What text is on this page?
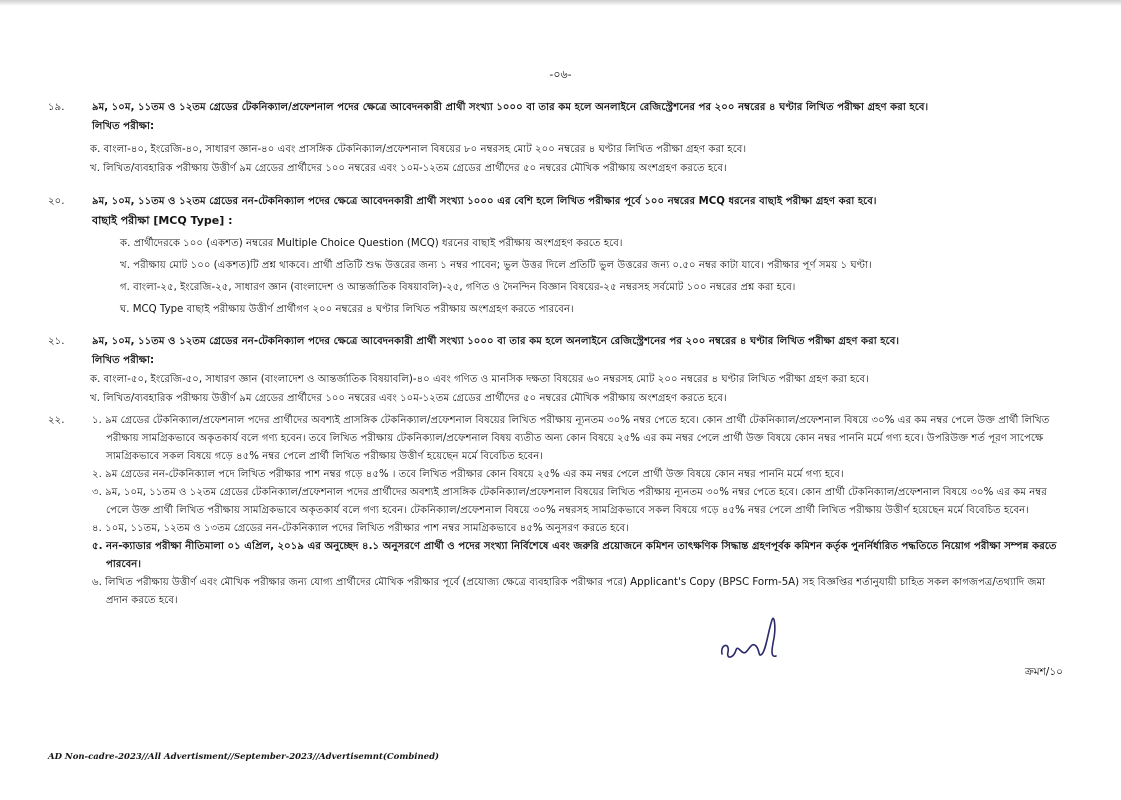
-০৬-
১৯.	৯ম, ১০ম, ১১তম ও ১২তম গ্রেডের টেকনিক্যাল/প্রফেশনাল পদের ক্ষেত্রে আবেদনকারী প্রার্থী সংখ্যা ১০০০ বা তার কম হলে অনলাইনে রেজিস্ট্রেশনের পর ২০০ নম্বরের ৪ ঘণ্টার লিখিত পরীক্ষা গ্রহণ করা হবে।
লিখিত পরীক্ষা:
ক. বাংলা-৪০, ইংরেজি-৪০, সাধারণ জ্ঞান-৪০ এবং প্রাসঙ্গিক টেকনিক্যাল/প্রফেশনাল বিষয়ের ৮০ নম্বরসহ মোট ২০০ নম্বরের ৪ ঘণ্টার লিখিত পরীক্ষা গ্রহণ করা হবে।
খ. লিখিত/ব্যবহারিক পরীক্ষায় উত্তীর্ণ ৯ম গ্রেডের প্রার্থীদের ১০০ নম্বরের এবং ১০ম-১২তম গ্রেডের প্রার্থীদের ৫০ নম্বরের মৌখিক পরীক্ষায় অংশগ্রহণ করতে হবে।
২০.	৯ম, ১০ম, ১১তম ও ১২তম গ্রেডের নন-টেকনিক্যাল পদের ক্ষেত্রে আবেদনকারী প্রার্থী সংখ্যা ১০০০ এর বেশি হলে লিখিত পরীক্ষার পূর্বে ১০০ নম্বরের MCQ ধরনের বাছাই পরীক্ষা গ্রহণ করা হবে।
বাছাই পরীক্ষা [MCQ Type] :
ক. প্রার্থীদেরকে ১০০ (একশত) নম্বরের Multiple Choice Question (MCQ) ধরনের বাছাই পরীক্ষায় অংশগ্রহণ করতে হবে।
খ. পরীক্ষায় মোট ১০০ (একশত)টি প্রশ্ন থাকবে। প্রার্থী প্রতিটি শুদ্ধ উত্তরের জন্য ১ নম্বর পাবেন; ভুল উত্তর দিলে প্রতিটি ভুল উত্তরের জন্য ০.৫০ নম্বর কাটা যাবে। পরীক্ষার পূর্ণ সময় ১ ঘণ্টা।
গ. বাংলা-২৫, ইংরেজি-২৫, সাধারণ জ্ঞান (বাংলাদেশ ও আন্তর্জাতিক বিষয়াবলি)-২৫, গণিত ও দৈনন্দিন বিজ্ঞান বিষয়ের-২৫ নম্বরসহ সর্বমোট ১০০ নম্বরের প্রশ্ন করা হবে।
ঘ. MCQ Type বাছাই পরীক্ষায় উত্তীর্ণ প্রার্থীগণ ২০০ নম্বরের ৪ ঘণ্টার লিখিত পরীক্ষায় অংশগ্রহণ করতে পারবেন।
২১.	৯ম, ১০ম, ১১তম ও ১২তম গ্রেডের নন-টেকনিক্যাল পদের ক্ষেত্রে আবেদনকারী প্রার্থী সংখ্যা ১০০০ বা তার কম হলে অনলাইনে রেজিস্ট্রেশনের পর ২০০ নম্বরের ৪ ঘণ্টার লিখিত পরীক্ষা গ্রহণ করা হবে।
লিখিত পরীক্ষা:
ক. বাংলা-৫০, ইংরেজি-৫০, সাধারণ জ্ঞান (বাংলাদেশ ও আন্তর্জাতিক বিষয়াবলি)-৪০ এবং গণিত ও মানসিক দক্ষতা বিষয়ের ৬০ নম্বরসহ মোট ২০০ নম্বরের ৪ ঘণ্টার লিখিত পরীক্ষা গ্রহণ করা হবে।
খ. লিখিত/ব্যবহারিক পরীক্ষায় উত্তীর্ণ ৯ম গ্রেডের প্রার্থীদের ১০০ নম্বরের এবং ১০ম-১২তম গ্রেডের প্রার্থীদের ৫০ নম্বরের মৌখিক পরীক্ষায় অংশগ্রহণ করতে হবে।
২২.	১. ৯ম গ্রেডের টেকনিক্যাল/প্রফেশনাল পদের প্রার্থীদের অবশ্যই প্রাসঙ্গিক টেকনিক্যাল/প্রফেশনাল বিষয়ের লিখিত পরীক্ষায় ন্যূনতম ৩০% নম্বর পেতে হবে। কোন প্রার্থী টেকনিক্যাল/প্রফেশনাল বিষয়ে ৩০% এর কম নম্বর পেলে উক্ত প্রার্থী লিখিত পরীক্ষায় সামগ্রিকভাবে অকৃতকার্য বলে গণ্য হবেন। তবে লিখিত পরীক্ষায় টেকনিক্যাল/প্রফেশনাল বিষয় ব্যতীত অন্য কোন বিষয়ে ২৫% এর কম নম্বর পেলে প্রার্থী উক্ত বিষয়ে কোন নম্বর পাননি মর্মে গণ্য হবে। উপরিউক্ত শর্ত পূরণ সাপেক্ষে সামগ্রিকভাবে সকল বিষয়ে গড়ে ৪৫% নম্বর পেলে প্রার্থী লিখিত পরীক্ষায় উত্তীর্ণ হয়েছেন মর্মে বিবেচিত হবেন।
২. ৯ম গ্রেডের নন-টেকনিক্যাল পদে লিখিত পরীক্ষার পাশ নম্বর গড়ে ৪৫% । তবে লিখিত পরীক্ষার কোন বিষয়ে ২৫% এর কম নম্বর পেলে প্রার্থী উক্ত বিষয়ে কোন নম্বর পাননি মর্মে গণ্য হবে।
৩. ৯ম, ১০ম, ১১তম ও ১২তম গ্রেডের টেকনিক্যাল/প্রফেশনাল পদের প্রার্থীদের অবশ্যই প্রাসঙ্গিক টেকনিক্যাল/প্রফেশনাল বিষয়ের লিখিত পরীক্ষায় ন্যূনতম ৩০% নম্বর পেতে হবে। কোন প্রার্থী টেকনিক্যাল/প্রফেশনাল বিষয়ে ৩০% এর কম নম্বর পেলে উক্ত প্রার্থী লিখিত পরীক্ষায় সামগ্রিকভাবে অকৃতকার্য বলে গণ্য হবেন। টেকনিক্যাল/প্রফেশনাল বিষয়ে ৩০% নম্বরসহ সামগ্রিকভাবে সকল বিষয়ে গড়ে ৪৫% নম্বর পেলে প্রার্থী লিখিত পরীক্ষায় উত্তীর্ণ হয়েছেন মর্মে বিবেচিত হবেন।
৪. ১০ম, ১১তম, ১২তম ও ১৩তম গ্রেডের নন-টেকনিক্যাল পদের লিখিত পরীক্ষার পাশ নম্বর সামগ্রিকভাবে ৪৫% অনুসরণ করতে হবে।
৫. নন-ক্যাডার পরীক্ষা নীতিমালা ০১ এপ্রিল, ২০১৯ এর অনুচ্ছেদ ৪.১ অনুসরণে প্রার্থী ও পদের সংখ্যা নির্বিশেষে এবং জরুরি প্রয়োজনে কমিশন তাৎক্ষণিক সিদ্ধান্ত গ্রহণপূর্বক কমিশন কর্তৃক পুনর্নির্ধারিত পদ্ধতিতে নিয়োগ পরীক্ষা সম্পন্ন করতে পারবেন।
৬. লিখিত পরীক্ষায় উত্তীর্ণ এবং মৌখিক পরীক্ষার জন্য যোগ্য প্রার্থীদের মৌখিক পরীক্ষার পূর্বে (প্রযোজ্য ক্ষেত্রে ব্যবহারিক পরীক্ষার পরে) Applicant's Copy (BPSC Form-5A) সহ বিজ্ঞপ্তির শর্তানুযায়ী চাহিত সকল কাগজপত্র/তথ্যাদি জমা প্রদান করতে হবে।
ক্রমশ/১০
AD Non-cadre-2023//All Advertisment//September-2023//Advertisemnt(Combined)
